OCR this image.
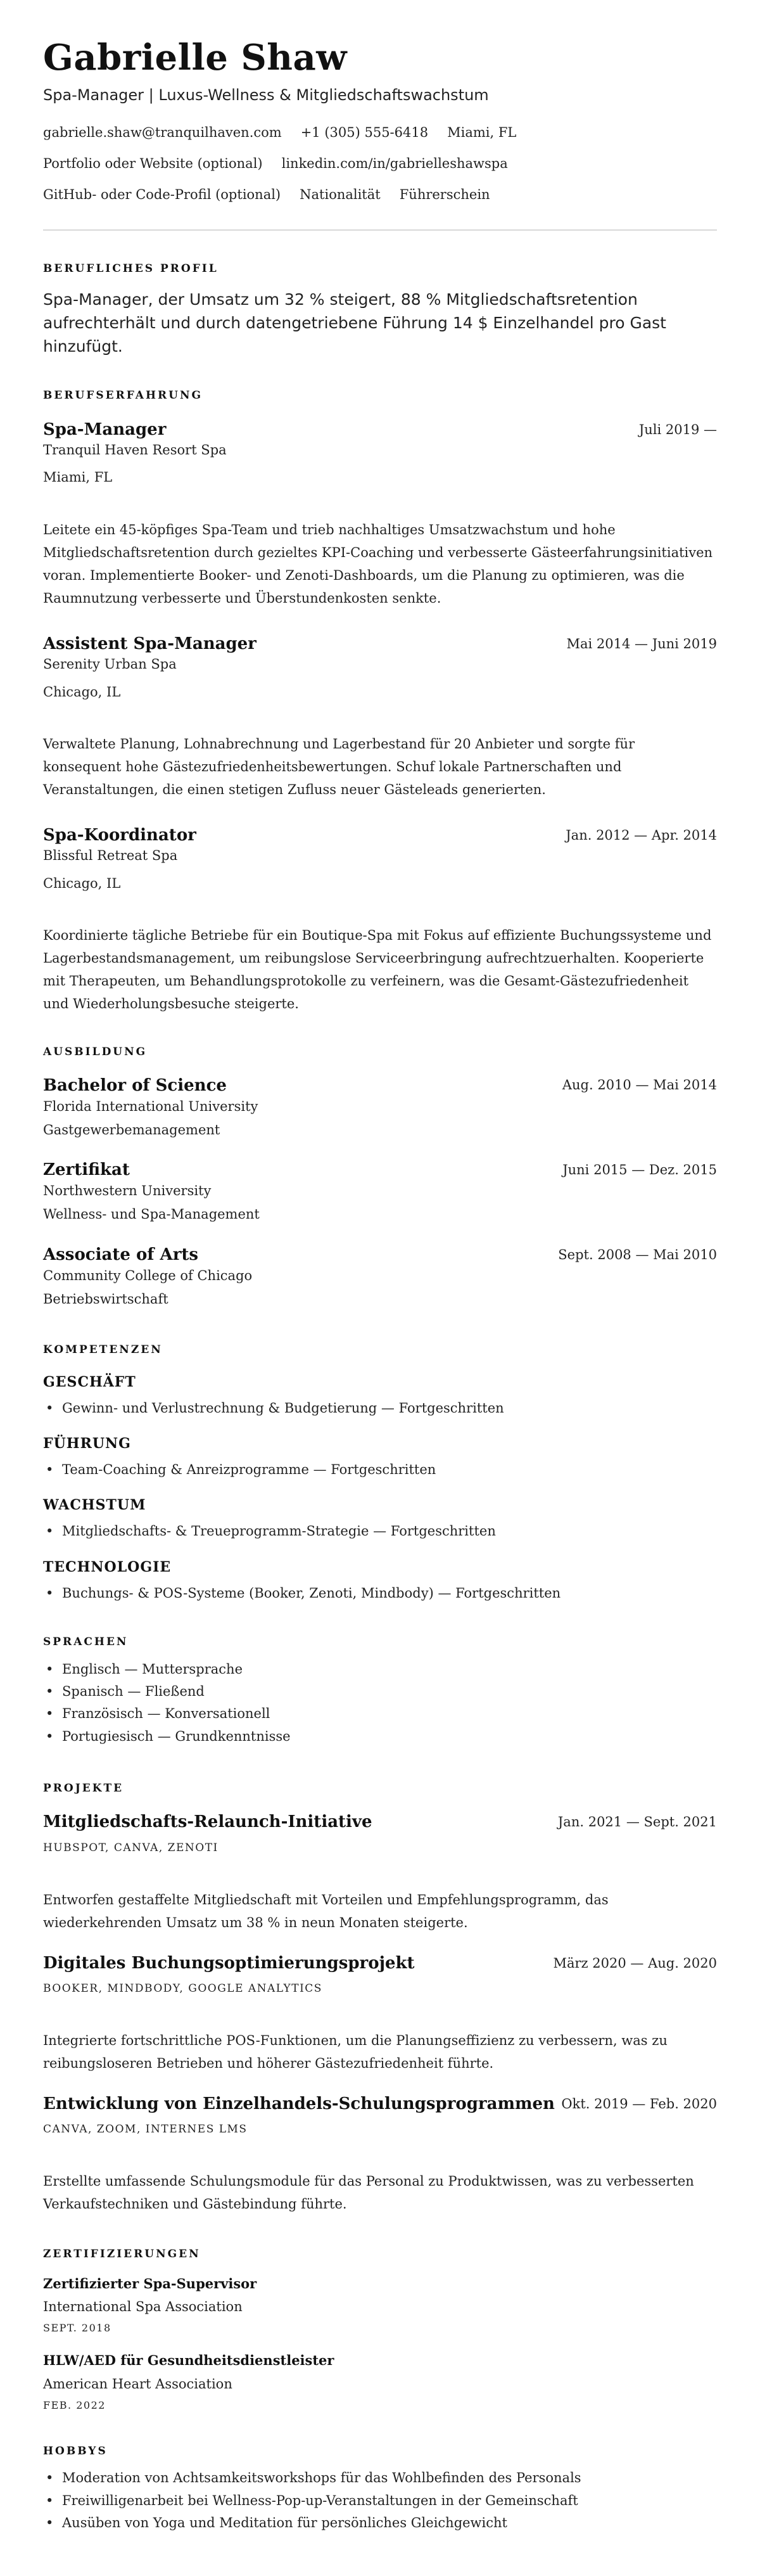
Gabrielle Shaw
Spa-Manager | Luxus-Wellness & Mitgliedschaftswachstum
gabrielle.shaw@tranquilhaven.com +1 (305) 555-6418 Miami, FL
Portfolio oder Website (optional) linkedin.com/in/gabrielleshawspa
GitHub- oder Code-Profil (optional) Nationalität Führerschein
BERUFLICHES PROFIL
Spa-Manager, der Umsatz um 32 % steigert, 88 % Mitgliedschaftsretention aufrechterhält und durch datengetriebene Führung 14 $ Einzelhandel pro Gast hinzufügt.
BERUFSERFAHRUNG
Spa-Manager	Juli 2019 —
Tranquil Haven Resort Spa
Miami, FL
Leitete ein 45-köpfiges Spa-Team und trieb nachhaltiges Umsatzwachstum und hohe Mitgliedschaftsretention durch gezieltes KPI-Coaching und verbesserte Gästeerfahrungsinitiativen voran. Implementierte Booker- und Zenoti-Dashboards, um die Planung zu optimieren, was die Raumnutzung verbesserte und Überstundenkosten senkte.
Assistent Spa-Manager	Mai 2014 — Juni 2019
Serenity Urban Spa
Chicago, IL
Verwaltete Planung, Lohnabrechnung und Lagerbestand für 20 Anbieter und sorgte für konsequent hohe Gästezufriedenheitsbewertungen. Schuf lokale Partnerschaften und Veranstaltungen, die einen stetigen Zufluss neuer Gästeleads generierten.
Spa-Koordinator	Jan. 2012 — Apr. 2014
Blissful Retreat Spa
Chicago, IL
Koordinierte tägliche Betriebe für ein Boutique-Spa mit Fokus auf effiziente Buchungssysteme und Lagerbestandsmanagement, um reibungslose Serviceerbringung aufrechtzuerhalten. Kooperierte mit Therapeuten, um Behandlungsprotokolle zu verfeinern, was die Gesamt-Gästezufriedenheit und Wiederholungsbesuche steigerte.
AUSBILDUNG
Bachelor of Science	Aug. 2010 — Mai 2014
Florida International University
Gastgewerbemanagement
Zertifikat	Juni 2015 — Dez. 2015
Northwestern University
Wellness- und Spa-Management
Associate of Arts	Sept. 2008 — Mai 2010
Community College of Chicago
Betriebswirtschaft
KOMPETENZEN
GESCHÄFT
• Gewinn- und Verlustrechnung & Budgetierung — Fortgeschritten
FÜHRUNG
• Team-Coaching & Anreizprogramme — Fortgeschritten
WACHSTUM
• Mitgliedschafts- & Treueprogramm-Strategie — Fortgeschritten
TECHNOLOGIE
• Buchungs- & POS-Systeme (Booker, Zenoti, Mindbody) — Fortgeschritten
SPRACHEN
• Englisch — Muttersprache
• Spanisch — Fließend
• Französisch — Konversationell
• Portugiesisch — Grundkenntnisse
PROJEKTE
Mitgliedschafts-Relaunch-Initiative	Jan. 2021 — Sept. 2021
HUBSPOT, CANVA, ZENOTI
Entworfen gestaffelte Mitgliedschaft mit Vorteilen und Empfehlungsprogramm, das wiederkehrenden Umsatz um 38 % in neun Monaten steigerte.
Digitales Buchungsoptimierungsprojekt	März 2020 — Aug. 2020
BOOKER, MINDBODY, GOOGLE ANALYTICS
Integrierte fortschrittliche POS-Funktionen, um die Planungseffizienz zu verbessern, was zu reibungsloseren Betrieben und höherer Gästezufriedenheit führte.
Entwicklung von Einzelhandels-Schulungsprogrammen Okt. 2019 — Feb. 2020
CANVA, ZOOM, INTERNES LMS
Erstellte umfassende Schulungsmodule für das Personal zu Produktwissen, was zu verbesserten Verkaufstechniken und Gästebindung führte.
ZERTIFIZIERUNGEN
Zertifizierter Spa-Supervisor
International Spa Association
SEPT. 2018
HLW/AED für Gesundheitsdienstleister
American Heart Association
FEB. 2022
HOBBYS
• Moderation von Achtsamkeitsworkshops für das Wohlbefinden des Personals
• Freiwilligenarbeit bei Wellness-Pop-up-Veranstaltungen in der Gemeinschaft
• Ausüben von Yoga und Meditation für persönliches Gleichgewicht
